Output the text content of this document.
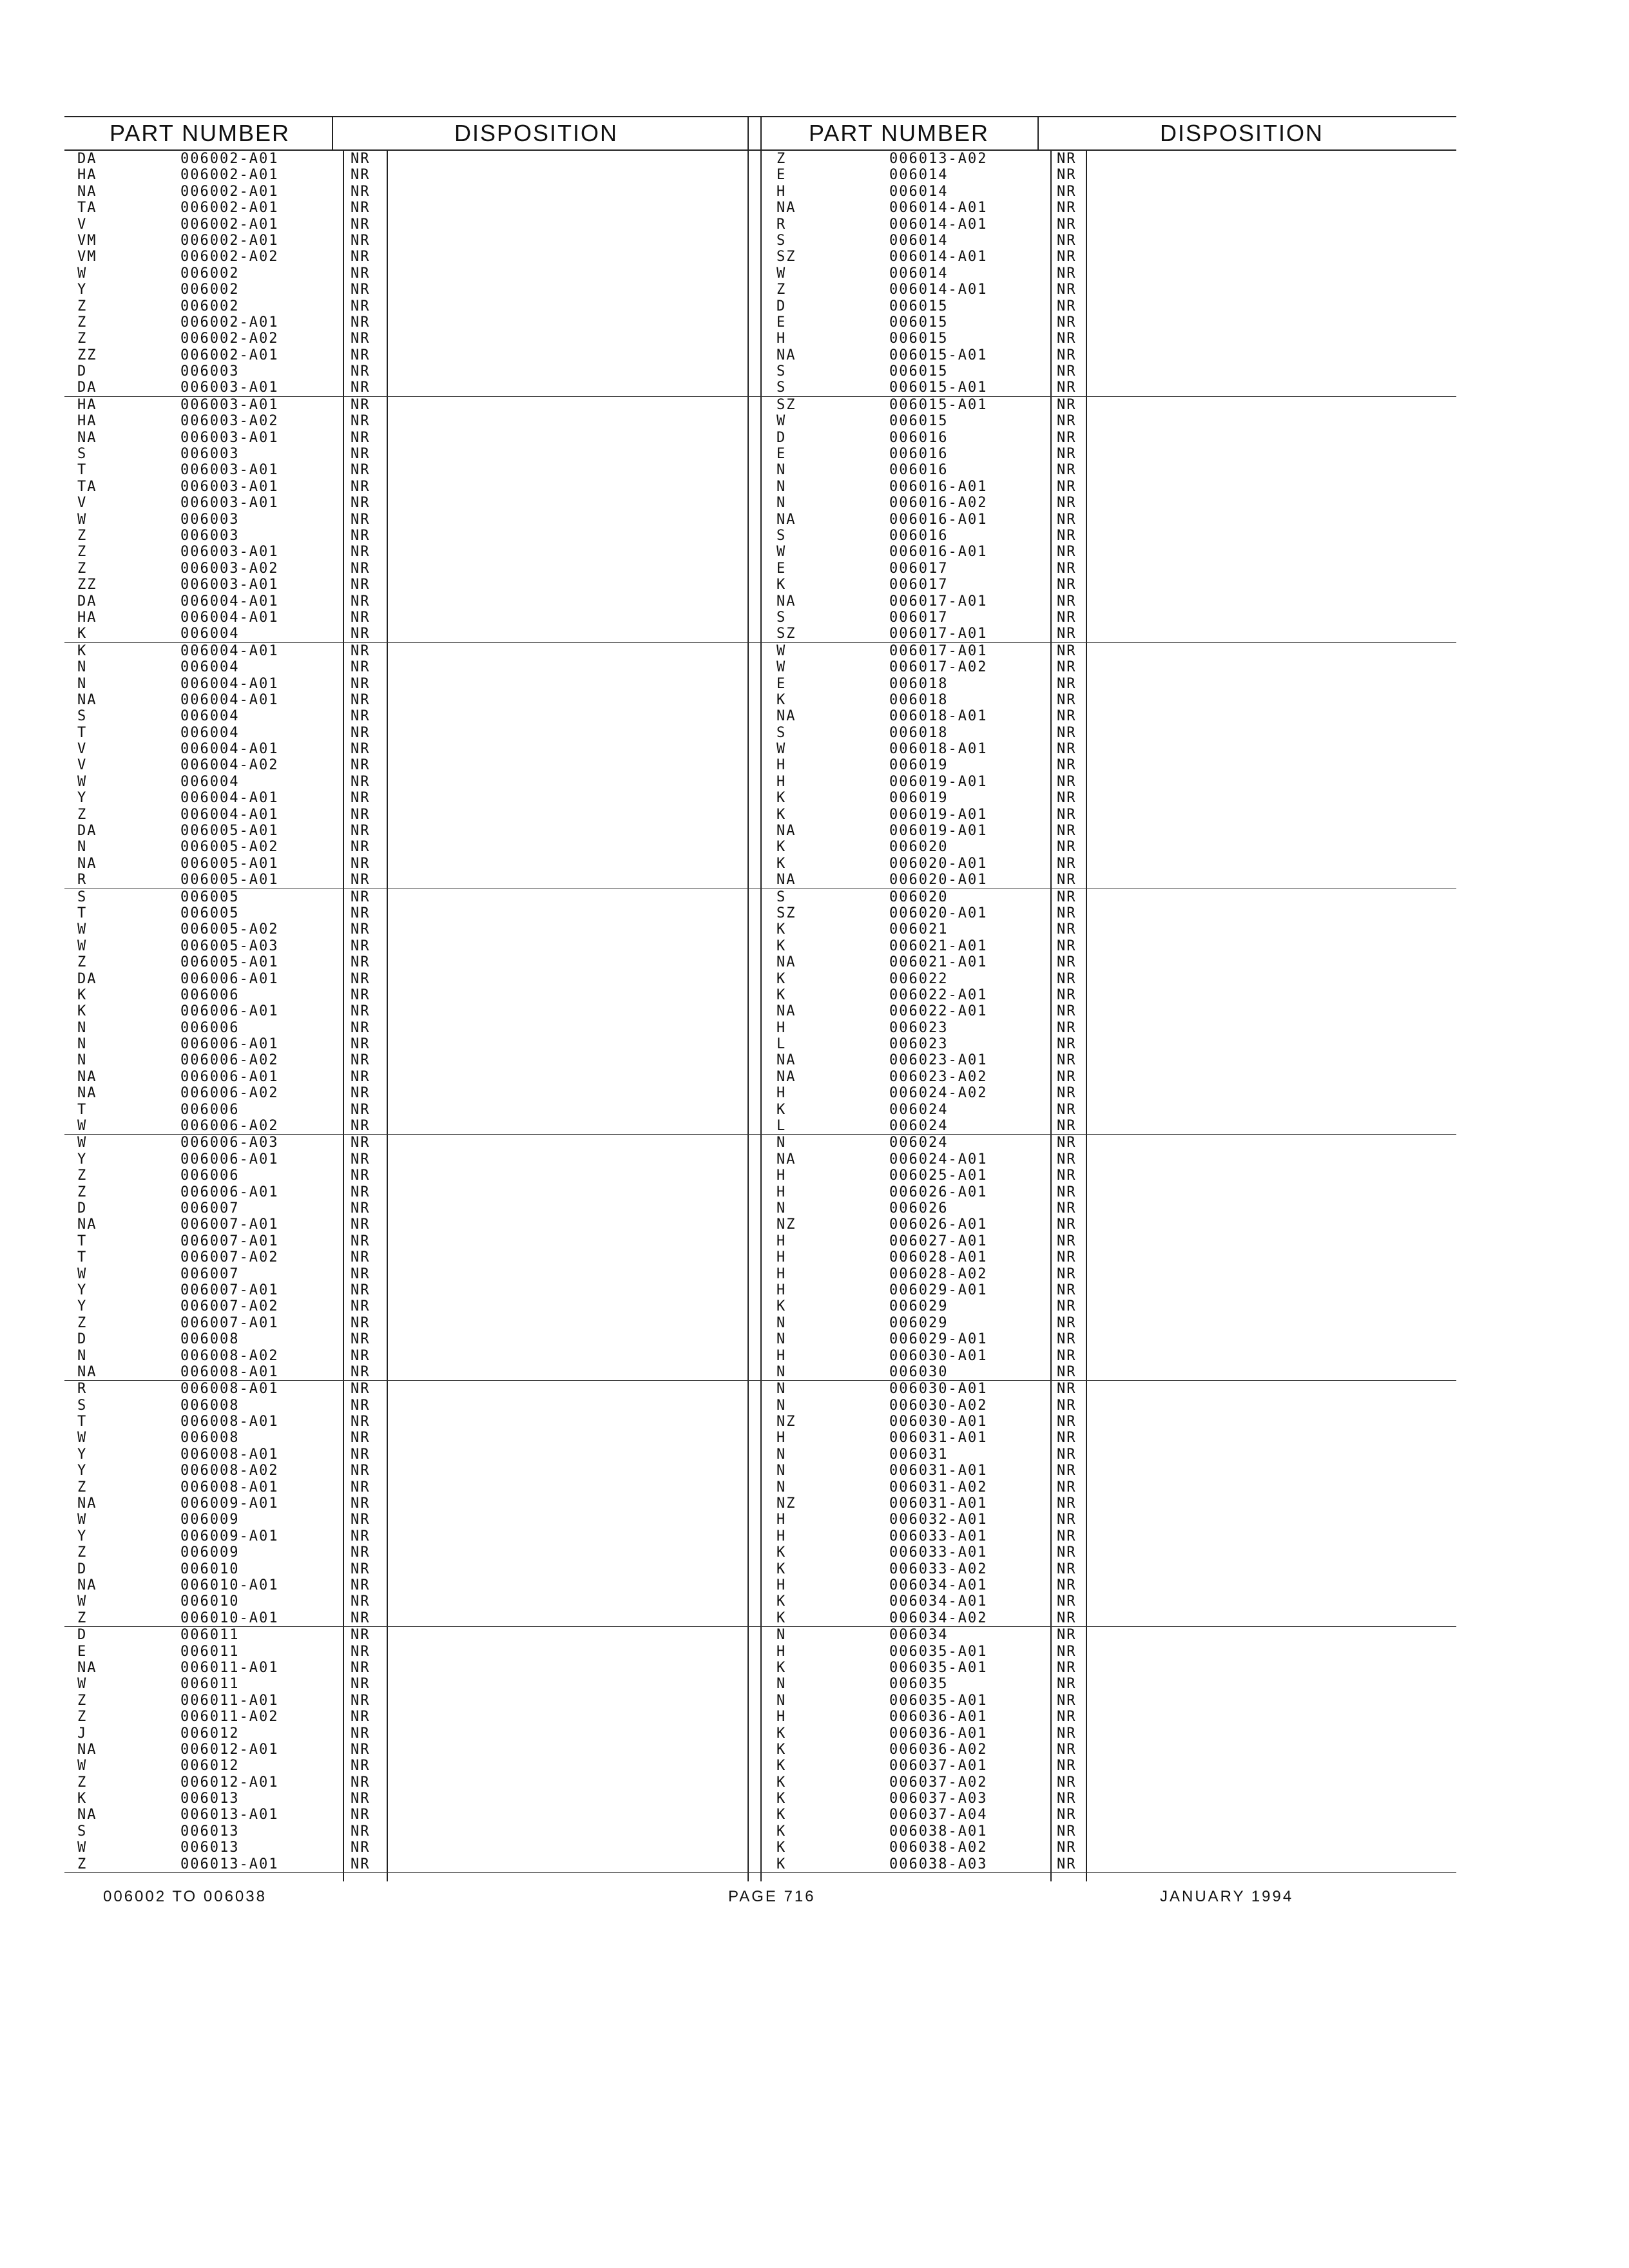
PART NUMBER	DISPOSITION
DA	006002-A01	NR
HA	006002-A01	NR
NA	006002-A01	NR
TA	006002-A01	NR
V	006002-A01	NR
VM	006002-A01	NR
VM	006002-A02	NR
W	006002	NR
Y	006002	NR
Z	006002	NR
Z	006002-A01	NR
Z	006002-A02	NR
ZZ	006002-A01	NR
D	006003	NR
DA	006003-A01	NR
HA	006003-A01	NR
HA	006003-A02	NR
NA	006003-A01	NR
S	006003	NR
T	006003-A01	NR
TA	006003-A01	NR
V	006003-A01	NR
W	006003	NR
Z	006003	NR
Z	006003-A01	NR
Z	006003-A02	NR
ZZ	006003-A01	NR
DA	006004-A01	NR
HA	006004-A01	NR
K	006004	NR
K	006004-A01	NR
N	006004	NR
N	006004-A01	NR
NA	006004-A01	NR
S	006004	NR
T	006004	NR
V	006004-A01	NR
V	006004-A02	NR
W	006004	NR
Y	006004-A01	NR
Z	006004-A01	NR
DA	006005-A01	NR
N	006005-A02	NR
NA	006005-A01	NR
R	006005-A01	NR
S	006005	NR
T	006005	NR
W	006005-A02	NR
W	006005-A03	NR
Z	006005-A01	NR
DA	006006-A01	NR
K	006006	NR
K	006006-A01	NR
N	006006	NR
N	006006-A01	NR
N	006006-A02	NR
NA	006006-A01	NR
NA	006006-A02	NR
T	006006	NR
W	006006-A02	NR
W	006006-A03	NR
Y	006006-A01	NR
Z	006006	NR
Z	006006-A01	NR
D	006007	NR
NA	006007-A01	NR
T	006007-A01	NR
T	006007-A02	NR
W	006007	NR
Y	006007-A01	NR
Y	006007-A02	NR
Z	006007-A01	NR
D	006008	NR
N	006008-A02	NR
NA	006008-A01	NR
R	006008-A01	NR
S	006008	NR
T	006008-A01	NR
W	006008	NR
Y	006008-A01	NR
Y	006008-A02	NR
Z	006008-A01	NR
NA	006009-A01	NR
W	006009	NR
Y	006009-A01	NR
Z	006009	NR
D	006010	NR
NA	006010-A01	NR
W	006010	NR
Z	006010-A01	NR
D	006011	NR
E	006011	NR
NA	006011-A01	NR
W	006011	NR
Z	006011-A01	NR
Z	006011-A02	NR
J	006012	NR
NA	006012-A01	NR
W	006012	NR
Z	006012-A01	NR
K	006013	NR
NA	006013-A01	NR
S	006013	NR
W	006013	NR
Z	006013-A01	NR
PART NUMBER	DISPOSITION
Z	006013-A02	NR
E	006014	NR
H	006014	NR
NA	006014-A01	NR
R	006014-A01	NR
S	006014	NR
SZ	006014-A01	NR
W	006014	NR
Z	006014-A01	NR
D	006015	NR
E	006015	NR
H	006015	NR
NA	006015-A01	NR
S	006015	NR
S	006015-A01	NR
SZ	006015-A01	NR
W	006015	NR
D	006016	NR
E	006016	NR
N	006016	NR
N	006016-A01	NR
N	006016-A02	NR
NA	006016-A01	NR
S	006016	NR
W	006016-A01	NR
E	006017	NR
K	006017	NR
NA	006017-A01	NR
S	006017	NR
SZ	006017-A01	NR
W	006017-A01	NR
W	006017-A02	NR
E	006018	NR
K	006018	NR
NA	006018-A01	NR
S	006018	NR
W	006018-A01	NR
H	006019	NR
H	006019-A01	NR
K	006019	NR
K	006019-A01	NR
NA	006019-A01	NR
K	006020	NR
K	006020-A01	NR
NA	006020-A01	NR
S	006020	NR
SZ	006020-A01	NR
K	006021	NR
K	006021-A01	NR
NA	006021-A01	NR
K	006022	NR
K	006022-A01	NR
NA	006022-A01	NR
H	006023	NR
L	006023	NR
NA	006023-A01	NR
NA	006023-A02	NR
H	006024-A02	NR
K	006024	NR
L	006024	NR
N	006024	NR
NA	006024-A01	NR
H	006025-A01	NR
H	006026-A01	NR
N	006026	NR
NZ	006026-A01	NR
H	006027-A01	NR
H	006028-A01	NR
H	006028-A02	NR
H	006029-A01	NR
K	006029	NR
N	006029	NR
N	006029-A01	NR
H	006030-A01	NR
N	006030	NR
N	006030-A01	NR
N	006030-A02	NR
NZ	006030-A01	NR
H	006031-A01	NR
N	006031	NR
N	006031-A01	NR
N	006031-A02	NR
NZ	006031-A01	NR
H	006032-A01	NR
H	006033-A01	NR
K	006033-A01	NR
K	006033-A02	NR
H	006034-A01	NR
K	006034-A01	NR
K	006034-A02	NR
N	006034	NR
H	006035-A01	NR
K	006035-A01	NR
N	006035	NR
N	006035-A01	NR
H	006036-A01	NR
K	006036-A01	NR
K	006036-A02	NR
K	006037-A01	NR
K	006037-A02	NR
K	006037-A03	NR
K	006037-A04	NR
K	006038-A01	NR
K	006038-A02	NR
K	006038-A03	NR
006002 TO 006038	PAGE 716	JANUARY 1994
